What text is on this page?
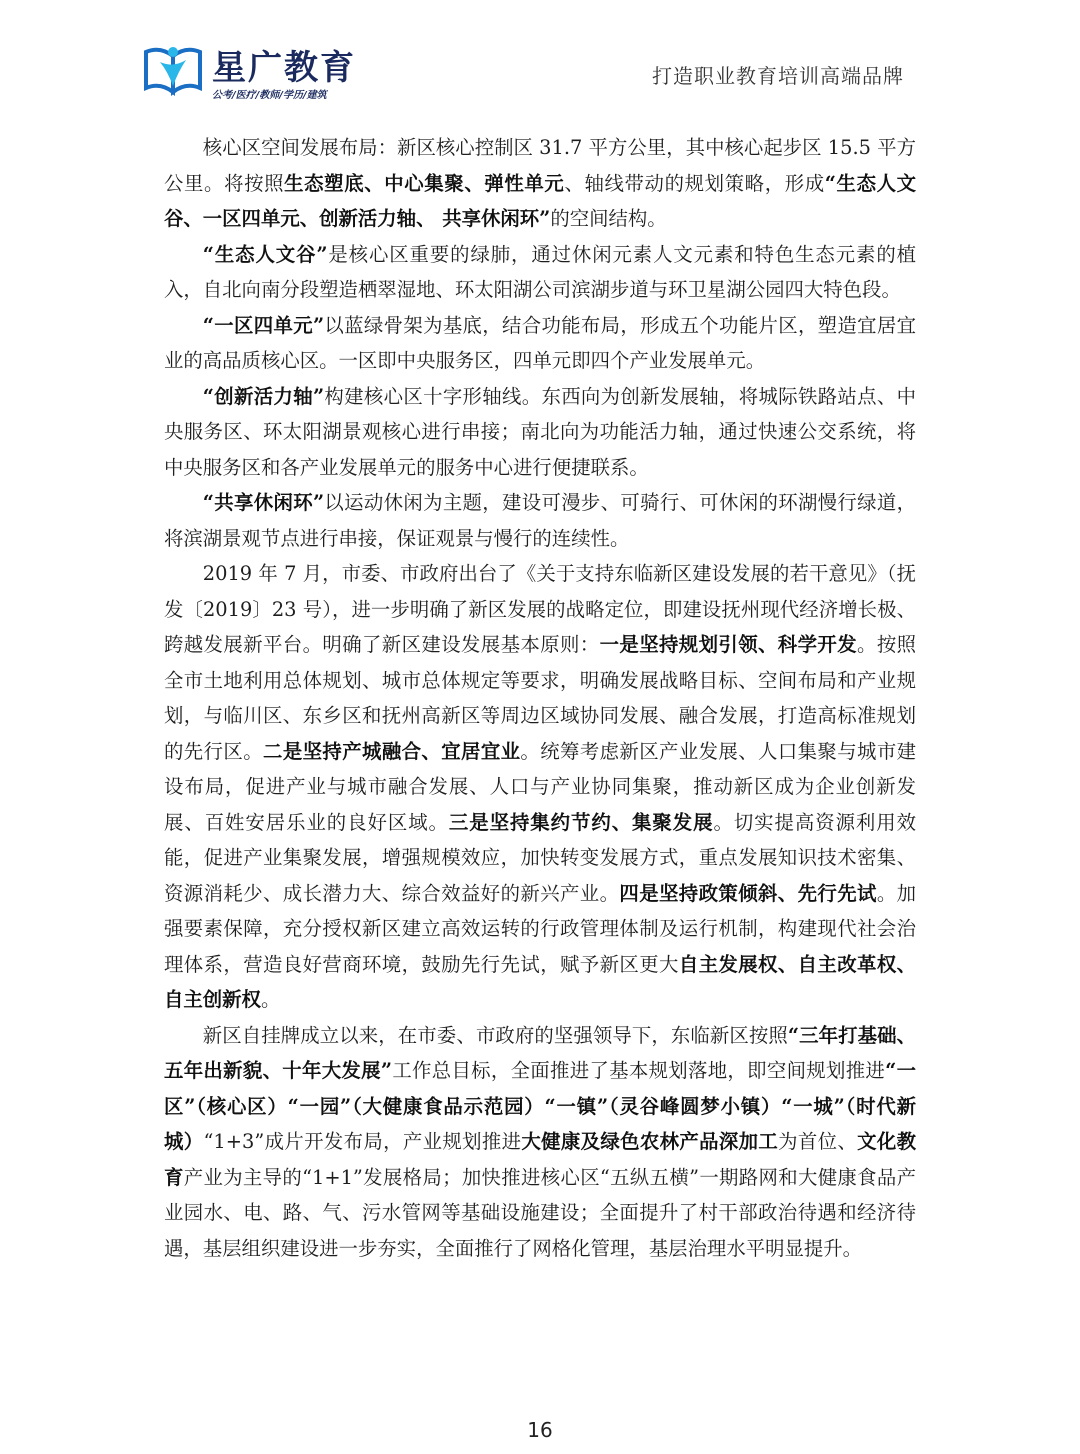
星广教育
公考/医疗/教师/学历/建筑
打造职业教育培训高端品牌

核心区空间发展布局：新区核心控制区 31.7 平方公里，其中核心起步区 15.5 平方公里。将按照生态塑底、中心集聚、弹性单元、轴线带动的规划策略，形成“生态人文谷、一区四单元、创新活力轴、 共享休闲环”的空间结构。

“生态人文谷”是核心区重要的绿肺，通过休闲元素人文元素和特色生态元素的植入，自北向南分段塑造栖翠湿地、环太阳湖公司滨湖步道与环卫星湖公园四大特色段。

“一区四单元”以蓝绿骨架为基底，结合功能布局，形成五个功能片区，塑造宜居宜业的高品质核心区。一区即中央服务区，四单元即四个产业发展单元。

“创新活力轴”构建核心区十字形轴线。东西向为创新发展轴，将城际铁路站点、中央服务区、环太阳湖景观核心进行串接；南北向为功能活力轴，通过快速公交系统，将中央服务区和各产业发展单元的服务中心进行便捷联系。

“共享休闲环”以运动休闲为主题，建设可漫步、可骑行、可休闲的环湖慢行绿道，将滨湖景观节点进行串接，保证观景与慢行的连续性。

2019 年 7 月，市委、市政府出台了《关于支持东临新区建设发展的若干意见》（抚发〔2019〕23 号），进一步明确了新区发展的战略定位，即建设抚州现代经济增长极、跨越发展新平台。明确了新区建设发展基本原则：一是坚持规划引领、科学开发。按照全市土地利用总体规划、城市总体规定等要求，明确发展战略目标、空间布局和产业规划，与临川区、东乡区和抚州高新区等周边区域协同发展、融合发展，打造高标准规划的先行区。二是坚持产城融合、宜居宜业。统筹考虑新区产业发展、人口集聚与城市建设布局，促进产业与城市融合发展、人口与产业协同集聚，推动新区成为企业创新发展、百姓安居乐业的良好区域。三是坚持集约节约、集聚发展。切实提高资源利用效能，促进产业集聚发展，增强规模效应，加快转变发展方式，重点发展知识技术密集、资源消耗少、成长潜力大、综合效益好的新兴产业。四是坚持政策倾斜、先行先试。加强要素保障，充分授权新区建立高效运转的行政管理体制及运行机制，构建现代社会治理体系，营造良好营商环境，鼓励先行先试，赋予新区更大自主发展权、自主改革权、自主创新权。

新区自挂牌成立以来，在市委、市政府的坚强领导下，东临新区按照“三年打基础、五年出新貌、十年大发展”工作总目标，全面推进了基本规划落地，即空间规划推进“一区”（核心区）“一园”（大健康食品示范园）“一镇”（灵谷峰圆梦小镇）“一城”（时代新城）“1+3”成片开发布局，产业规划推进大健康及绿色农林产品深加工为首位、文化教育产业为主导的“1+1”发展格局；加快推进核心区“五纵五横”一期路网和大健康食品产业园水、电、路、气、污水管网等基础设施建设；全面提升了村干部政治待遇和经济待遇，基层组织建设进一步夯实，全面推行了网格化管理，基层治理水平明显提升。

16
